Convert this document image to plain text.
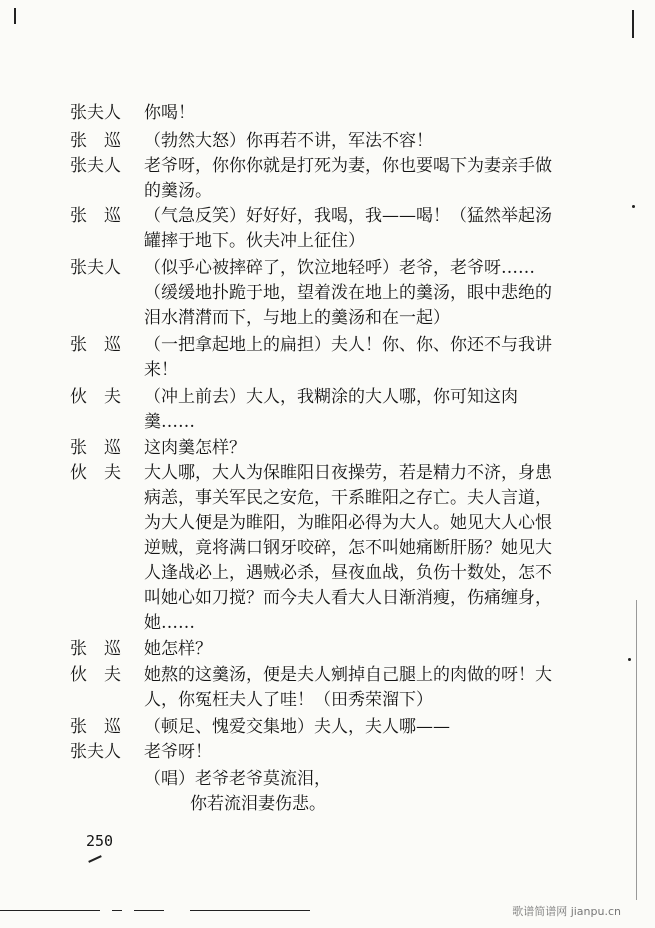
张夫人 你喝！
张　巡 （勃然大怒）你再若不讲，军法不容！
张夫人 老爷呀，你你你就是打死为妻，你也要喝下为妻亲手做
的羹汤。
张　巡 （气急反笑）好好好，我喝，我——喝！（猛然举起汤
罐摔于地下。伙夫冲上征住）
张夫人 （似乎心被摔碎了，饮泣地轻呼）老爷，老爷呀……
（缓缓地扑跪于地，望着泼在地上的羹汤，眼中悲绝的
泪水潸潸而下，与地上的羹汤和在一起）
张　巡 （一把拿起地上的扁担）夫人！你、你、你还不与我讲
来！
伙　夫 （冲上前去）大人，我糊涂的大人哪，你可知这肉
羹……
张　巡 这肉羹怎样？
伙　夫 大人哪，大人为保睢阳日夜操劳，若是精力不济，身患
病恙，事关军民之安危，干系睢阳之存亡。夫人言道，
为大人便是为睢阳，为睢阳必得为大人。她见大人心恨
逆贼，竟将满口钢牙咬碎，怎不叫她痛断肝肠？她见大
人逢战必上，遇贼必杀，昼夜血战，负伤十数处，怎不
叫她心如刀搅？而今夫人看大人日渐消瘦，伤痛缠身，
她……
张　巡 她怎样？
伙　夫 她熬的这羹汤，便是夫人剜掉自己腿上的肉做的呀！大
人，你冤枉夫人了哇！（田秀荣溜下）
张　巡 （顿足、愧爱交集地）夫人，夫人哪——
张夫人 老爷呀！
（唱）老爷老爷莫流泪，
你若流泪妻伤悲。
250
歌谱简谱网 jianpu.cn
